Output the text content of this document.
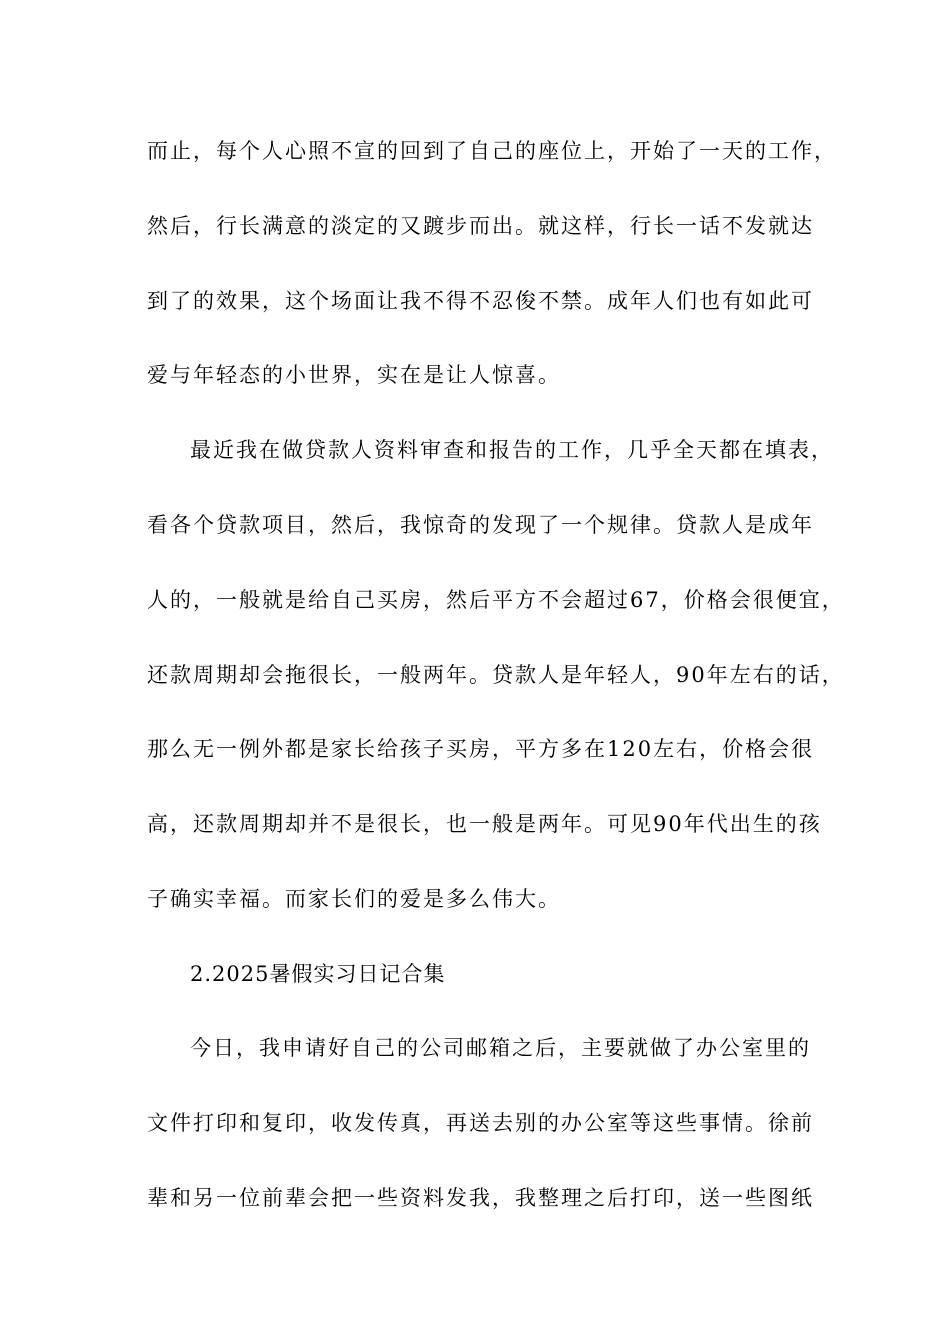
而止，每个人心照不宣的回到了自己的座位上，开始了一天的工作，
然后，行长满意的淡定的又踱步而出。就这样，行长一话不发就达
到了的效果，这个场面让我不得不忍俊不禁。成年人们也有如此可
爱与年轻态的小世界，实在是让人惊喜。
最近我在做贷款人资料审查和报告的工作，几乎全天都在填表，
看各个贷款项目，然后，我惊奇的发现了一个规律。贷款人是成年
人的，一般就是给自己买房，然后平方不会超过67，价格会很便宜，
还款周期却会拖很长，一般两年。贷款人是年轻人，90年左右的话，
那么无一例外都是家长给孩子买房，平方多在120左右，价格会很
高，还款周期却并不是很长，也一般是两年。可见90年代出生的孩
子确实幸福。而家长们的爱是多么伟大。
2.2025暑假实习日记合集
今日，我申请好自己的公司邮箱之后，主要就做了办公室里的
文件打印和复印，收发传真，再送去别的办公室等这些事情。徐前
辈和另一位前辈会把一些资料发我，我整理之后打印，送一些图纸
